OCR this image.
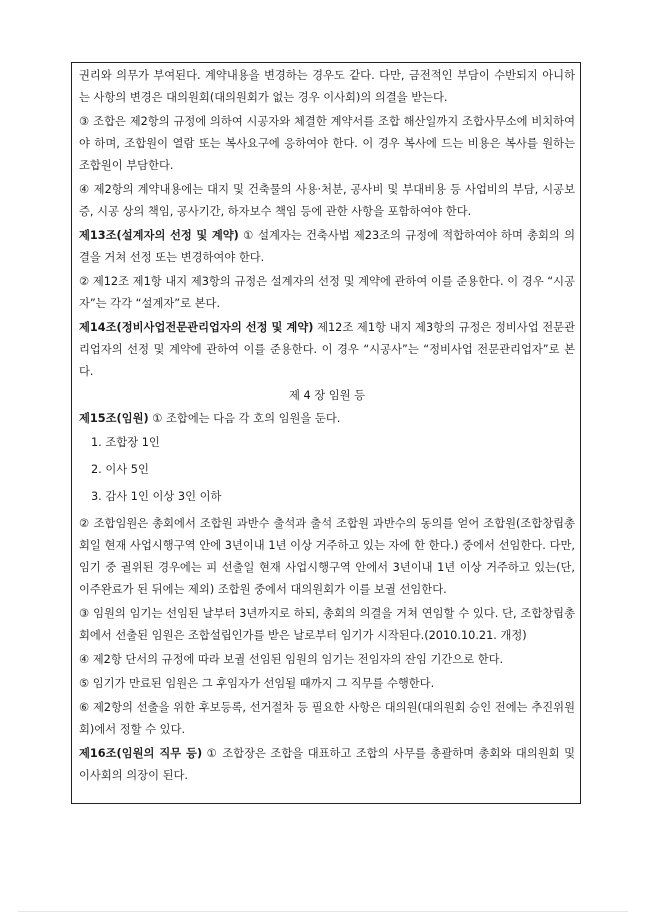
권리와 의무가 부여된다. 계약내용을 변경하는 경우도 같다. 다만, 금전적인 부담이 수반되지 아니하는 사항의 변경은 대의원회(대의원회가 없는 경우 이사회)의 의결을 받는다.

③ 조합은 제2항의 규정에 의하여 시공자와 체결한 계약서를 조합 해산일까지 조합사무소에 비치하여야 하며, 조합원이 열람 또는 복사요구에 응하여야 한다. 이 경우 복사에 드는 비용은 복사를 원하는 조합원이 부담한다.

④ 제2항의 계약내용에는 대지 및 건축물의 사용·처분, 공사비 및 부대비용 등 사업비의 부담, 시공보증, 시공 상의 책임, 공사기간, 하자보수 책임 등에 관한 사항을 포함하여야 한다.

제13조(설계자의 선정 및 계약) ① 설계자는 건축사법 제23조의 규정에 적합하여야 하며 총회의 의결을 거쳐 선정 또는 변경하여야 한다.

② 제12조 제1항 내지 제3항의 규정은 설계자의 선정 및 계약에 관하여 이를 준용한다. 이 경우 “시공자”는 각각 “설계자”로 본다.

제14조(정비사업전문관리업자의 선정 및 계약) 제12조 제1항 내지 제3항의 규정은 정비사업 전문관리업자의 선정 및 계약에 관하여 이를 준용한다. 이 경우 “시공사”는 “정비사업 전문관리업자”로 본다.

제 4 장 임원 등

제15조(임원) ① 조합에는 다음 각 호의 임원을 둔다.

1. 조합장 1인

2. 이사 5인

3. 감사 1인 이상 3인 이하

② 조합임원은 총회에서 조합원 과반수 출석과 출석 조합원 과반수의 동의를 얻어 조합원(조합창립총회일 현재 사업시행구역 안에 3년이내 1년 이상 거주하고 있는 자에 한 한다.) 중에서 선임한다. 다만, 임기 중 궐위된 경우에는 피 선출일 현재 사업시행구역 안에서 3년이내 1년 이상 거주하고 있는(단, 이주완료가 된 뒤에는 제외) 조합원 중에서 대의원회가 이를 보궐 선임한다.

③ 임원의 임기는 선임된 날부터 3년까지로 하되, 총회의 의결을 거쳐 연임할 수 있다. 단, 조합창립총회에서 선출된 임원은 조합설립인가를 받은 날로부터 임기가 시작된다.(2010.10.21. 개정)

④ 제2항 단서의 규정에 따라 보궐 선임된 임원의 임기는 전임자의 잔임 기간으로 한다.

⑤ 임기가 만료된 임원은 그 후임자가 선임될 때까지 그 직무를 수행한다.

⑥ 제2항의 선출을 위한 후보등록, 선거절차 등 필요한 사항은 대의원(대의원회 승인 전에는 추진위원회)에서 정할 수 있다.

제16조(임원의 직무 등) ① 조합장은 조합을 대표하고 조합의 사무를 총괄하며 총회와 대의원회 및 이사회의 의장이 된다.
